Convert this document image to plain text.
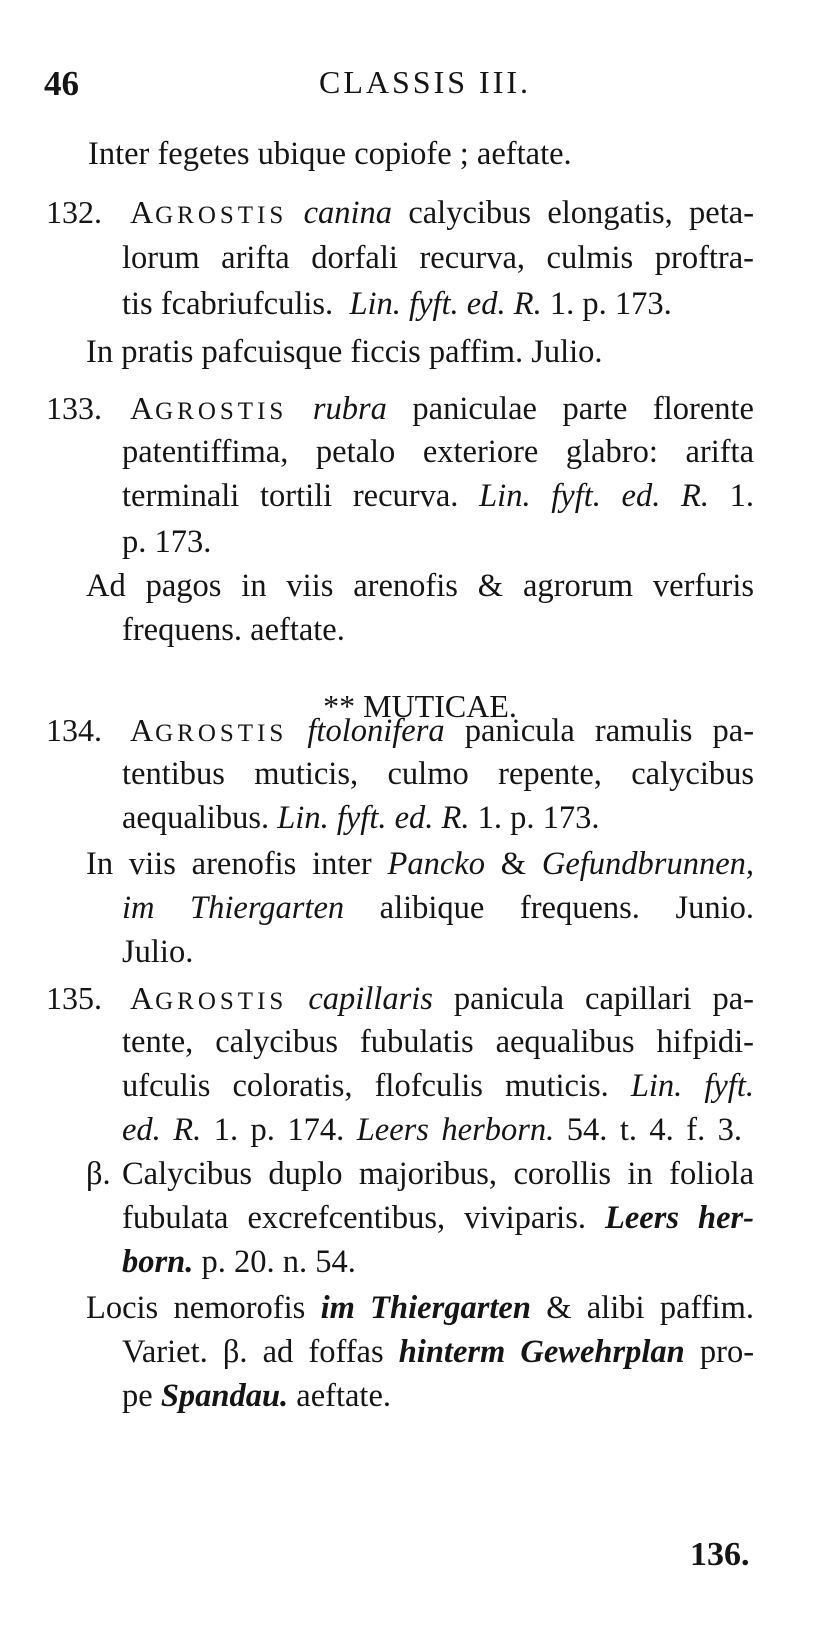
46	CLASSIS III.
Inter fegetes ubique copiofe ; aeftate.
132. AGROSTIS canina calycibus elongatis, peta-
lorum arifta dorfali recurva, culmis proftra-
tis fcabriufculis. Lin. fyft. ed. R. 1. p. 173.
In pratis pafcuisque ficcis paffim. Julio.
133. AGROSTIS rubra paniculae parte florente
patentiffima, petalo exteriore glabro: arifta
terminali tortili recurva. Lin. fyft. ed. R. 1.
p. 173.
Ad pagos in viis arenofis & agrorum verfuris
frequens. aeftate.
** MUTICAE.
134. AGROSTIS ftolonifera panicula ramulis pa-
tentibus muticis, culmo repente, calycibus
aequalibus. Lin. fyft. ed. R. 1. p. 173.
In viis arenofis inter Pancko & Gefundbrunnen,
im Thiergarten alibique frequens. Junio.
Julio.
135. AGROSTIS capillaris panicula capillari pa-
tente, calycibus fubulatis aequalibus hifpidi-
ufculis coloratis, flofculis muticis. Lin. fyft.
ed. R. 1. p. 174. Leers herborn. 54. t. 4. f. 3.
β. Calycibus duplo majoribus, corollis in foliola
fubulata excrefcentibus, viviparis. Leers her-
born. p. 20. n. 54.
Locis nemorofis im Thiergarten & alibi paffim.
Variet. β. ad foffas hinterm Gewehrplan pro-
pe Spandau. aeftate.
136.
